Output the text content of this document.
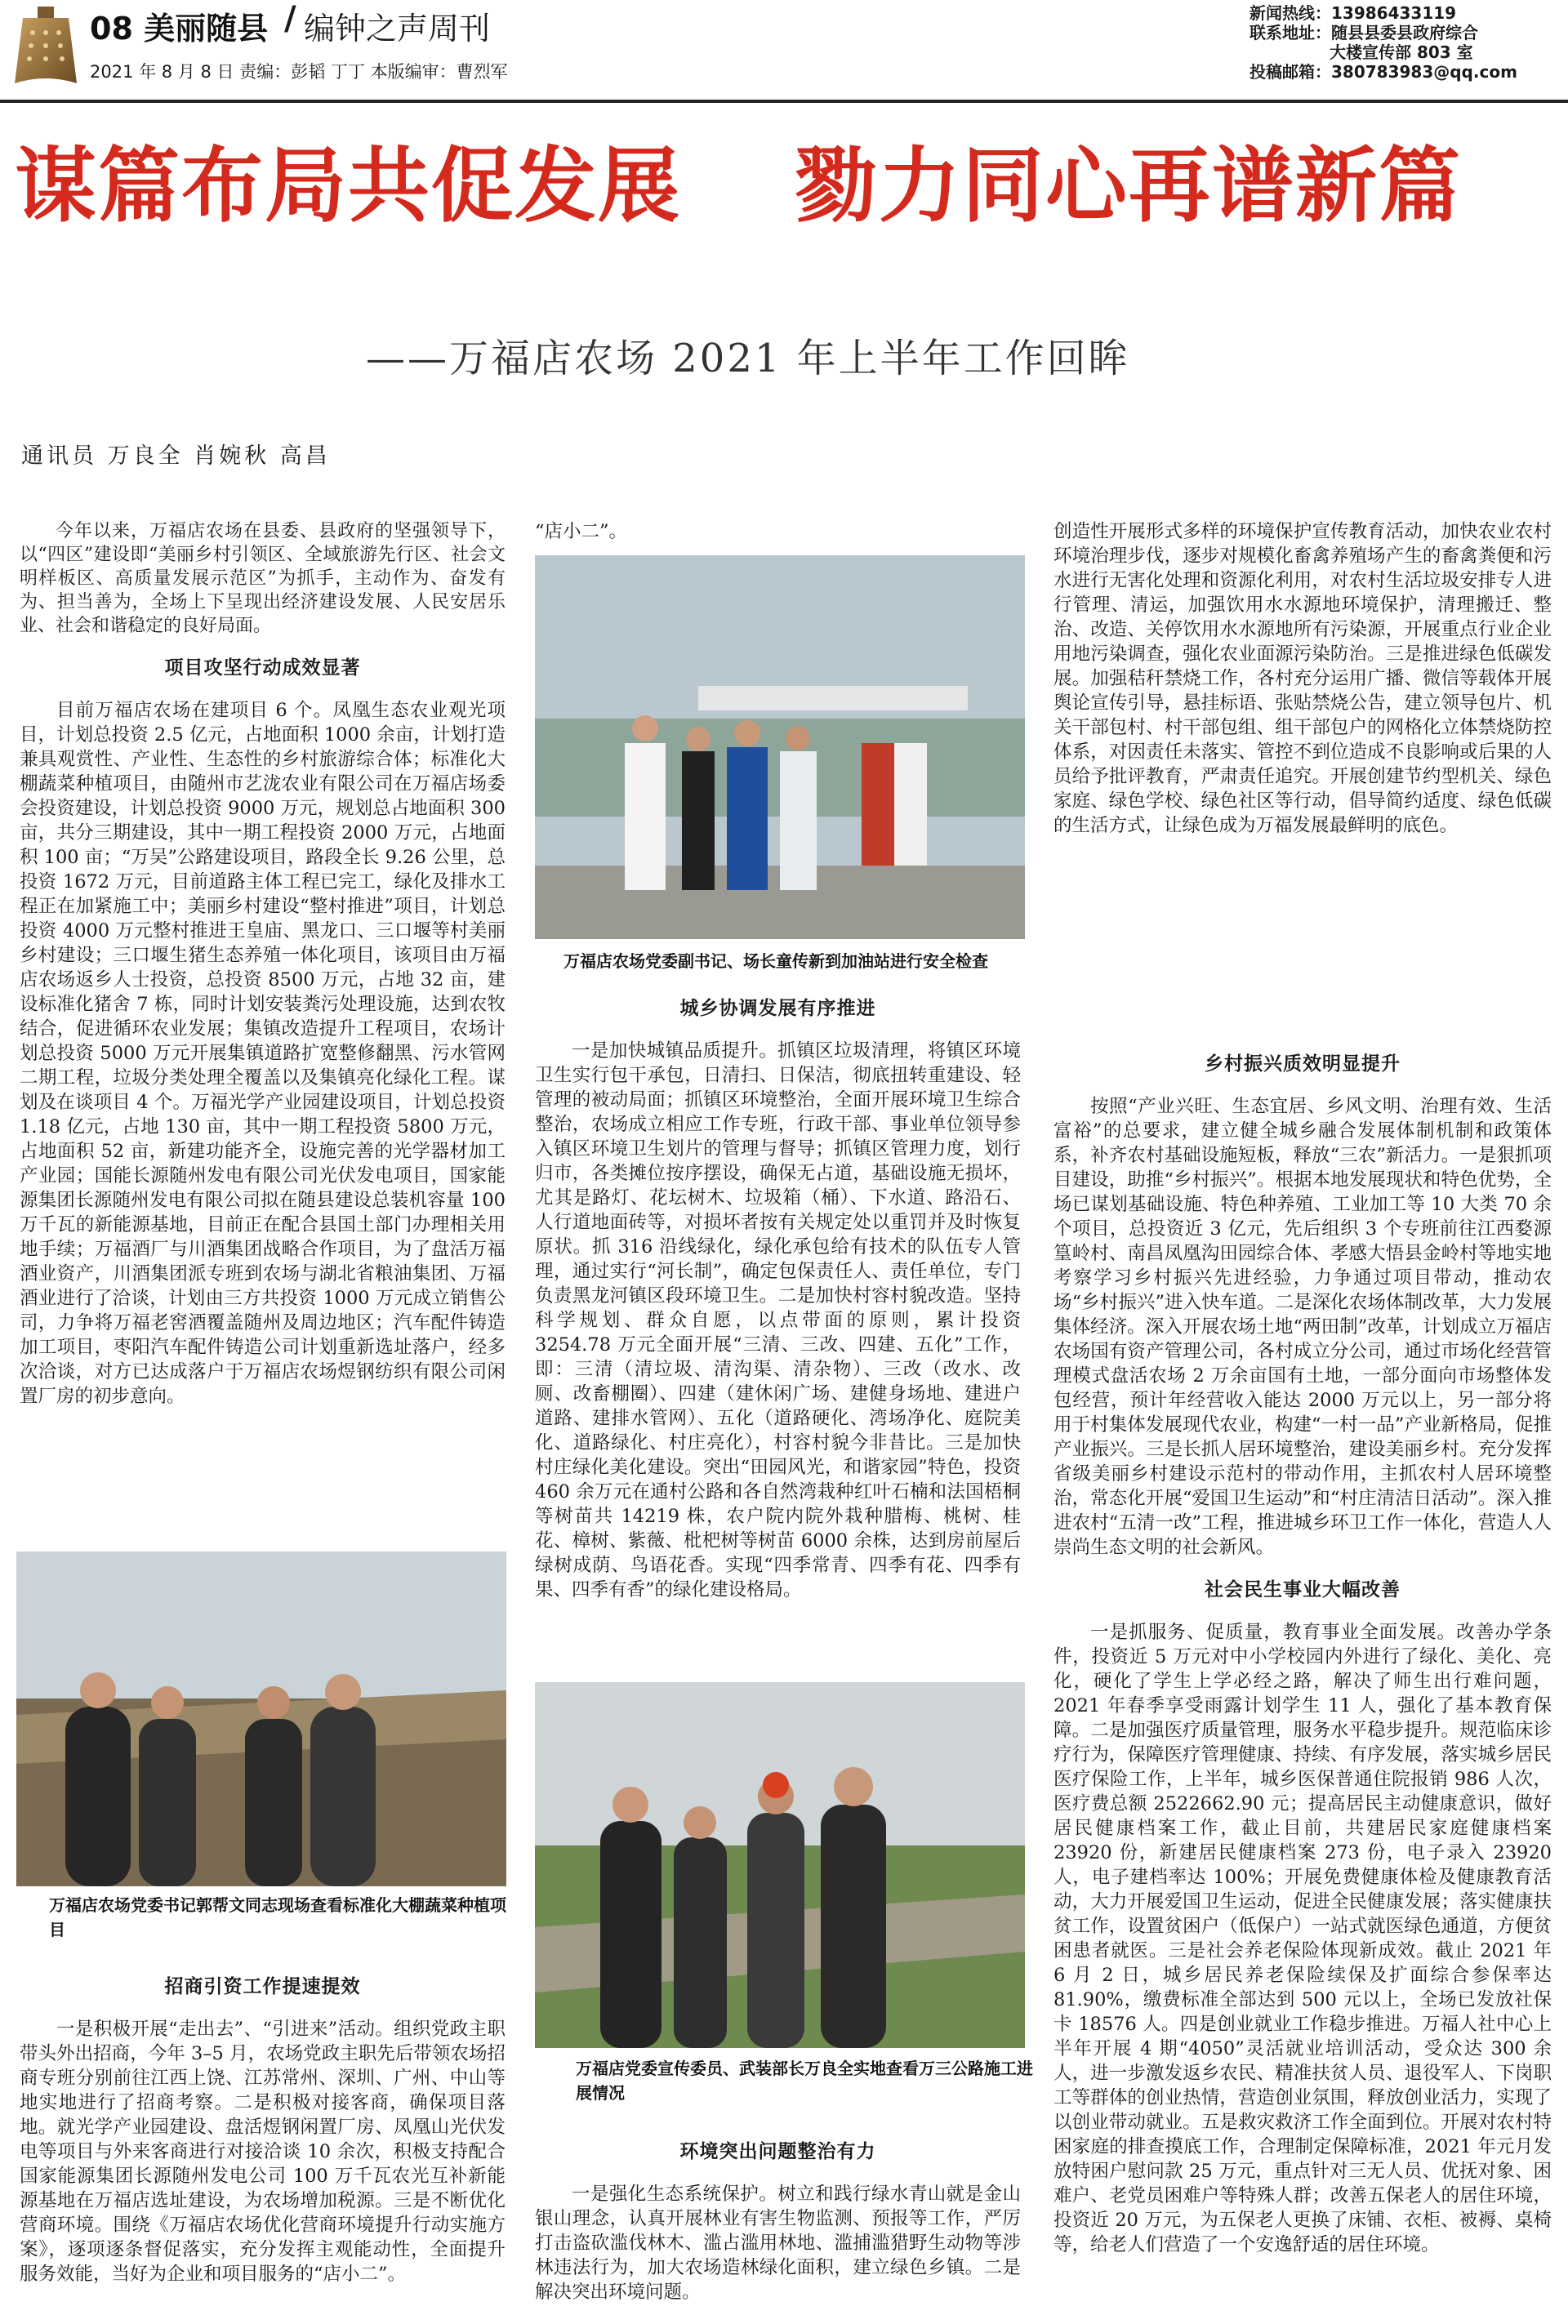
08 美丽随县 / 编钟之声周刊
2021 年 8 月 8 日 责编：彭韬 丁丁 本版编审：曹烈军
新闻热线：13986433119
联系地址：随县县委县政府综合
大楼宣传部 803 室
投稿邮箱：380783983@qq.com
谋篇布局共促发展 勠力同心再谱新篇
——万福店农场 2021 年上半年工作回眸
通讯员 万良全 肖婉秋 高昌

今年以来，万福店农场在县委、县政府的坚强领导下，以“四区”建设即“美丽乡村引领区、全域旅游先行区、社会文明样板区、高质量发展示范区”为抓手，主动作为、奋发有为、担当善为，全场上下呈现出经济建设发展、人民安居乐业、社会和谐稳定的良好局面。

项目攻坚行动成效显著

目前万福店农场在建项目 6 个。凤凰生态农业观光项目，计划总投资 2.5 亿元，占地面积 1000 余亩，计划打造兼具观赏性、产业性、生态性的乡村旅游综合体；标准化大棚蔬菜种植项目，由随州市艺泷农业有限公司在万福店场委会投资建设，计划总投资 9000 万元，规划总占地面积 300 亩，共分三期建设，其中一期工程投资 2000 万元，占地面积 100 亩；“万吴”公路建设项目，路段全长 9.26 公里，总投资 1672 万元，目前道路主体工程已完工，绿化及排水工程正在加紧施工中；美丽乡村建设“整村推进”项目，计划总投资 4000 万元整村推进王皇庙、黑龙口、三口堰等村美丽乡村建设；三口堰生猪生态养殖一体化项目，该项目由万福店农场返乡人士投资，总投资 8500 万元，占地 32 亩，建设标准化猪舍 7 栋，同时计划安装粪污处理设施，达到农牧结合，促进循环农业发展；集镇改造提升工程项目，农场计划总投资 5000 万元开展集镇道路扩宽整修翻黑、污水管网二期工程，垃圾分类处理全覆盖以及集镇亮化绿化工程。谋划及在谈项目 4 个。万福光学产业园建设项目，计划总投资 1.18 亿元，占地 130 亩，其中一期工程投资 5800 万元，占地面积 52 亩，新建功能齐全，设施完善的光学器材加工产业园；国能长源随州发电有限公司光伏发电项目，国家能源集团长源随州发电有限公司拟在随县建设总装机容量 100 万千瓦的新能源基地，目前正在配合县国土部门办理相关用地手续；万福酒厂与川酒集团战略合作项目，为了盘活万福酒业资产，川酒集团派专班到农场与湖北省粮油集团、万福酒业进行了洽谈，计划由三方共投资 1000 万元成立销售公司，力争将万福老窖酒覆盖随州及周边地区；汽车配件铸造加工项目，枣阳汽车配件铸造公司计划重新选址落户，经多次洽谈，对方已达成落户于万福店农场煜钢纺织有限公司闲置厂房的初步意向。

万福店农场党委书记郭帮文同志现场查看标准化大棚蔬菜种植项目
招商引资工作提速提效

一是积极开展“走出去”、“引进来”活动。组织党政主职带头外出招商，今年 3–5 月，农场党政主职先后带领农场招商专班分别前往江西上饶、江苏常州、深圳、广州、中山等地实地进行了招商考察。二是积极对接客商，确保项目落地。就光学产业园建设、盘活煜钢闲置厂房、凤凰山光伏发电等项目与外来客商进行对接洽谈 10 余次，积极支持配合国家能源集团长源随州发电公司 100 万千瓦农光互补新能源基地在万福店选址建设，为农场增加税源。三是不断优化营商环境。围绕《万福店农场优化营商环境提升行动实施方案》，逐项逐条督促落实，充分发挥主观能动性，全面提升服务效能，当好为企业和项目服务的“店小二”。

“店小二”。

万福店农场党委副书记、场长童传新到加油站进行安全检查
城乡协调发展有序推进

一是加快城镇品质提升。抓镇区垃圾清理，将镇区环境卫生实行包干承包，日清扫、日保洁，彻底扭转重建设、轻管理的被动局面；抓镇区环境整治，全面开展环境卫生综合整治，农场成立相应工作专班，行政干部、事业单位领导参入镇区环境卫生划片的管理与督导；抓镇区管理力度，划行归市，各类摊位按序摆设，确保无占道，基础设施无损坏，尤其是路灯、花坛树木、垃圾箱（桶）、下水道、路沿石、人行道地面砖等，对损坏者按有关规定处以重罚并及时恢复原状。抓 316 沿线绿化，绿化承包给有技术的队伍专人管理，通过实行“河长制”，确定包保责任人、责任单位，专门负责黑龙河镇区段环境卫生。二是加快村容村貌改造。坚持科学规划、群众自愿，以点带面的原则，累计投资 3254.78 万元全面开展“三清、三改、四建、五化”工作，即：三清（清垃圾、清沟渠、清杂物）、三改（改水、改厕、改畜棚圈）、四建（建休闲广场、建健身场地、建进户道路、建排水管网）、五化（道路硬化、湾场净化、庭院美化、道路绿化、村庄亮化），村容村貌今非昔比。三是加快村庄绿化美化建设。突出“田园风光，和谐家园”特色，投资 460 余万元在通村公路和各自然湾栽种红叶石楠和法国梧桐等树苗共 14219 株，农户院内院外栽种腊梅、桃树、桂花、樟树、紫薇、枇杷树等树苗 6000 余株，达到房前屋后绿树成荫、鸟语花香。实现“四季常青、四季有花、四季有果、四季有香”的绿化建设格局。

万福店党委宣传委员、武装部长万良全实地查看万三公路施工进展情况
环境突出问题整治有力

一是强化生态系统保护。树立和践行绿水青山就是金山银山理念，认真开展林业有害生物监测、预报等工作，严厉打击盗砍滥伐林木、滥占滥用林地、滥捕滥猎野生动物等涉林违法行为，加大农场造林绿化面积，建立绿色乡镇。二是解决突出环境问题。

创造性开展形式多样的环境保护宣传教育活动，加快农业农村环境治理步伐，逐步对规模化畜禽养殖场产生的畜禽粪便和污水进行无害化处理和资源化利用，对农村生活垃圾安排专人进行管理、清运，加强饮用水水源地环境保护，清理搬迁、整治、改造、关停饮用水水源地所有污染源，开展重点行业企业用地污染调查，强化农业面源污染防治。三是推进绿色低碳发展。加强秸秆禁烧工作，各村充分运用广播、微信等载体开展舆论宣传引导，悬挂标语、张贴禁烧公告，建立领导包片、机关干部包村、村干部包组、组干部包户的网格化立体禁烧防控体系，对因责任未落实、管控不到位造成不良影响或后果的人员给予批评教育，严肃责任追究。开展创建节约型机关、绿色家庭、绿色学校、绿色社区等行动，倡导简约适度、绿色低碳的生活方式，让绿色成为万福发展最鲜明的底色。

乡村振兴质效明显提升

按照“产业兴旺、生态宜居、乡风文明、治理有效、生活富裕”的总要求，建立健全城乡融合发展体制机制和政策体系，补齐农村基础设施短板，释放“三农”新活力。一是狠抓项目建设，助推“乡村振兴”。根据本地发展现状和特色优势，全场已谋划基础设施、特色种养殖、工业加工等 10 大类 70 余个项目，总投资近 3 亿元，先后组织 3 个专班前往江西婺源篁岭村、南昌凤凰沟田园综合体、孝感大悟县金岭村等地实地考察学习乡村振兴先进经验，力争通过项目带动，推动农场“乡村振兴”进入快车道。二是深化农场体制改革，大力发展集体经济。深入开展农场土地“两田制”改革，计划成立万福店农场国有资产管理公司，各村成立分公司，通过市场化经营管理模式盘活农场 2 万余亩国有土地，一部分面向市场整体发包经营，预计年经营收入能达 2000 万元以上，另一部分将用于村集体发展现代农业，构建“一村一品”产业新格局，促推产业振兴。三是长抓人居环境整治，建设美丽乡村。充分发挥省级美丽乡村建设示范村的带动作用，主抓农村人居环境整治，常态化开展“爱国卫生运动”和“村庄清洁日活动”。深入推进农村“五清一改”工程，推进城乡环卫工作一体化，营造人人崇尚生态文明的社会新风。

社会民生事业大幅改善

一是抓服务、促质量，教育事业全面发展。改善办学条件，投资近 5 万元对中小学校园内外进行了绿化、美化、亮化，硬化了学生上学必经之路，解决了师生出行难问题，2021 年春季享受雨露计划学生 11 人，强化了基本教育保障。二是加强医疗质量管理，服务水平稳步提升。规范临床诊疗行为，保障医疗管理健康、持续、有序发展，落实城乡居民医疗保险工作，上半年，城乡医保普通住院报销 986 人次，医疗费总额 2522662.90 元；提高居民主动健康意识，做好居民健康档案工作，截止目前，共建居民家庭健康档案 23920 份，新建居民健康档案 273 份，电子录入 23920 人，电子建档率达 100%；开展免费健康体检及健康教育活动，大力开展爱国卫生运动，促进全民健康发展；落实健康扶贫工作，设置贫困户（低保户）一站式就医绿色通道，方便贫困患者就医。三是社会养老保险体现新成效。截止 2021 年 6 月 2 日，城乡居民养老保险续保及扩面综合参保率达 81.90%，缴费标准全部达到 500 元以上，全场已发放社保卡 18576 人。四是创业就业工作稳步推进。万福人社中心上半年开展 4 期“4050”灵活就业培训活动，受众达 300 余人，进一步激发返乡农民、精准扶贫人员、退役军人、下岗职工等群体的创业热情，营造创业氛围，释放创业活力，实现了以创业带动就业。五是救灾救济工作全面到位。开展对农村特困家庭的排查摸底工作，合理制定保障标准，2021 年元月发放特困户慰问款 25 万元，重点针对三无人员、优抚对象、困难户、老党员困难户等特殊人群；改善五保老人的居住环境，投资近 20 万元，为五保老人更换了床铺、衣柜、被褥、桌椅等，给老人们营造了一个安逸舒适的居住环境。
